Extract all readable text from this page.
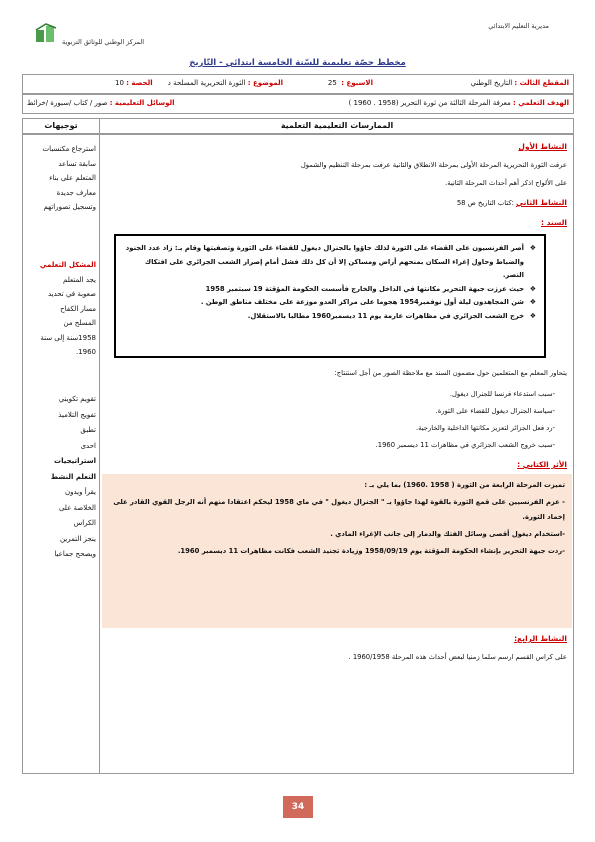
مديرية التعليم الابتدائي
المركز الوطني للوثائق التربوية
مخطط حصّة تعليمية للسّنة الخامسة ابتدائي - التّاريخ
المقطع الثالث :

التاريخ الوطني
الاسبوع :

25
الموضوع :

الثورة التحريرية المسلحة د
الحصة :

10
الهدف التعلمي :

معرفة المرحلة الثالثة من ثورة التحرير (1958 . 1960 )
الوسائل التعليمية :

صور / كتاب /سبورة /خرائط
الممارسات التعليمية التعلمية
توجيهات
استرجاع مكتسبات
سابقة تساعد
المتعلم على بناء
معارف جديدة
وتسجيل تصوراتهم
المشكل التعلمي
يجد المتعلم
صعوبة في تحديد
مسار الكفاح
المسلح من
1958سنة إلى سنة
1960.
تقويم تكويني
تفويج التلاميذ
تطبق
احدى
استراتيجيات
التعلم النشط
يقرأ ويدون
الخلاصة على
الكراس
ينجز التمرين
ويصحح جماعيا
النشاط الأول
عرفت الثورة التحريرية المرحلة الأولى بمرحلة الانطلاق والثانية عرفت بمرحلة التنظيم والشمول
على الألواح اذكر أهم أحداث المرحلة الثانية.
النشاط الثاني :كتاب التاريخ ص 58
السند :
❖
أصر الفرنسيون على القضاء على الثورة لذلك جاؤوا بالجنرال ديغول للقضاء على الثورة وتصفيتها وقام بـ: زاد عدد الجنود والضباط وحاول إغراء السكان بمنحهم أراض ومساكن إلا أن كل ذلك فشل أمام إصرار الشعب الجزائري على افتكاك النصر.
❖
حيث عززت جبهة التحرير مكانتها في الداخل والخارج فأسست الحكومة المؤقتة 19 سبتمبر 1958
❖
شن المجاهدون ليلة أول نوفمبر1954 هجوما على مراكز العدو موزعة على مختلف مناطق الوطن .
❖
خرج الشعب الجزائري في مظاهرات عارمة يوم 11 ديسمبر1960 مطالبا بالاستقلال.
يتحاور المعلم مع المتعلمين حول مضمون السند مع ملاحظة الصور من أجل استنتاج:
-سبب استدعاء فرنسا للجنرال ديغول.
-سياسة الجنرال ديغول للقضاء على الثورة.
-رد فعل الجزائر لتعزيز مكانتها الداخلية والخارجية.
-سبب خروج الشعب الجزائري في مظاهرات 11 ديسمبر 1960.
الأثر الكتابي :
تميزت المرحلة الرابعة من الثورة ( 1958 .1960) بما يلي بـ :
- عزم الفرنسيين على قمع الثورة بالقوة لهذا جاؤوا بـ " الجنرال ديغول " في ماي 1958 ليحكم اعتقادا منهم أنه الرجل القوي القادر على إخماد الثورة.
-استخدام ديغول أقصى وسائل الفتك والدمار إلى جانب الإغراء المادي .
-ردت جبهة التحرير بإنشاء الحكومة المؤقتة يوم 1958/09/19 وزيادة تجنيد الشعب فكانت مظاهرات 11 ديسمبر 1960.
النشاط الرابع:
على كراس القسم ارسم سلما زمنيا لبعض أحداث هذه المرحلة 1960/1958 .
34
